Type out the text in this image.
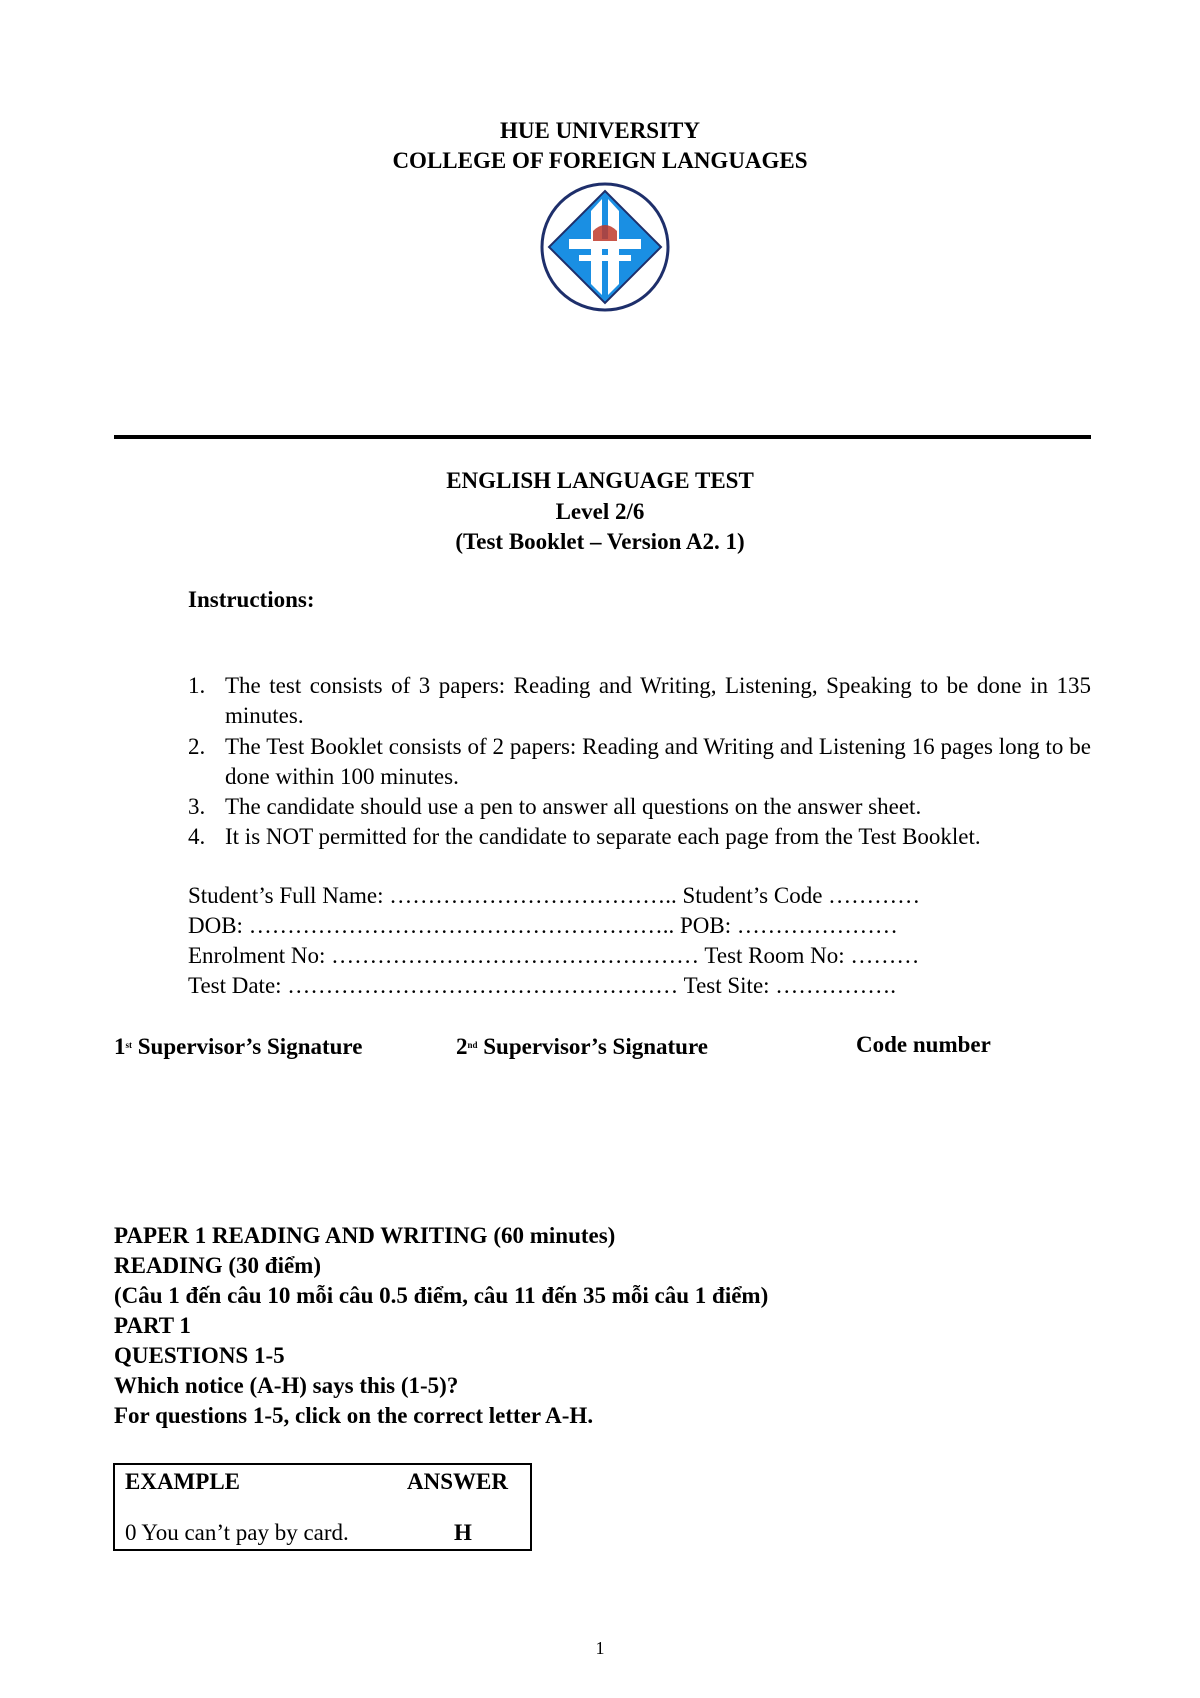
HUE UNIVERSITY
COLLEGE OF FOREIGN LANGUAGES
ENGLISH LANGUAGE TEST
Level 2/6
(Test Booklet – Version A2. 1)
Instructions:
1. The test consists of 3 papers: Reading and Writing, Listening, Speaking to be done in 135 minutes.
2. The Test Booklet consists of 2 papers: Reading and Writing and Listening 16 pages long to be done within 100 minutes.
3. The candidate should use a pen to answer all questions on the answer sheet.
4. It is NOT permitted for the candidate to separate each page from the Test Booklet.
Student’s Full Name: ……………………………….. Student’s Code …………
DOB: ……………………………………………….. POB: …………………
Enrolment No: ………………………………………… Test Room No: ………
Test Date: …………………………………………… Test Site: …………….
1st Supervisor’s Signature	2nd Supervisor’s Signature	Code number
PAPER 1 READING AND WRITING (60 minutes)
READING (30 điểm)
(Câu 1 đến câu 10 mỗi câu 0.5 điểm, câu 11 đến 35 mỗi câu 1 điểm)
PART 1
QUESTIONS 1-5
Which notice (A-H) says this (1-5)?
For questions 1-5, click on the correct letter A-H.
EXAMPLE	ANSWER
0 You can’t pay by card.	H
1
